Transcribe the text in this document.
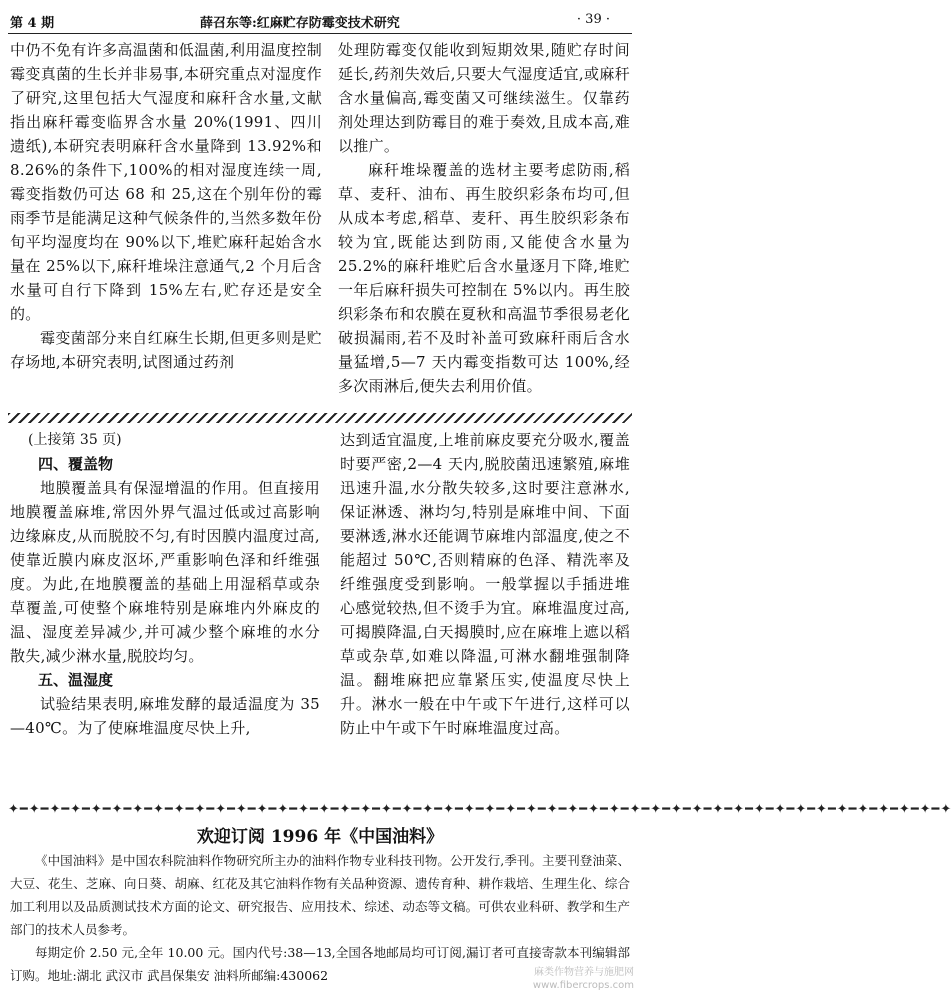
第 4 期	薛召东等:红麻贮存防霉变技术研究	· 39 ·

中仍不免有许多高温菌和低温菌,利用温度控制霉变真菌的生长并非易事,本研究重点对湿度作了研究,这里包括大气湿度和麻秆含水量,文献指出麻秆霉变临界含水量 20%(1991、四川遗纸),本研究表明麻秆含水量降到 13.92%和 8.26%的条件下,100%的相对湿度连续一周,霉变指数仍可达 68 和 25,这在个别年份的霉雨季节是能满足这种气候条件的,当然多数年份旬平均湿度均在 90%以下,堆贮麻秆起始含水量在 25%以下,麻秆堆垛注意通气,2 个月后含水量可自行下降到 15%左右,贮存还是安全的。

霉变菌部分来自红麻生长期,但更多则是贮存场地,本研究表明,试图通过药剂

处理防霉变仅能收到短期效果,随贮存时间延长,药剂失效后,只要大气湿度适宜,或麻秆含水量偏高,霉变菌又可继续滋生。仅靠药剂处理达到防霉目的难于奏效,且成本高,难以推广。

麻秆堆垛覆盖的选材主要考虑防雨,稻草、麦秆、油布、再生胶织彩条布均可,但从成本考虑,稻草、麦秆、再生胶织彩条布较为宜,既能达到防雨,又能使含水量为 25.2%的麻秆堆贮后含水量逐月下降,堆贮一年后麻秆损失可控制在 5%以内。再生胶织彩条布和农膜在夏秋和高温节季很易老化破损漏雨,若不及时补盖可致麻秆雨后含水量猛增,5—7 天内霉变指数可达 100%,经多次雨淋后,便失去利用价值。

(上接第 35 页)

四、覆盖物

地膜覆盖具有保湿增温的作用。但直接用地膜覆盖麻堆,常因外界气温过低或过高影响边缘麻皮,从而脱胶不匀,有时因膜内温度过高,使靠近膜内麻皮沤坏,严重影响色泽和纤维强度。为此,在地膜覆盖的基础上用湿稻草或杂草覆盖,可使整个麻堆特别是麻堆内外麻皮的温、湿度差异减少,并可减少整个麻堆的水分散失,减少淋水量,脱胶均匀。

五、温湿度

试验结果表明,麻堆发酵的最适温度为 35—40℃。为了使麻堆温度尽快上升,

达到适宜温度,上堆前麻皮要充分吸水,覆盖时要严密,2—4 天内,脱胶菌迅速繁殖,麻堆迅速升温,水分散失较多,这时要注意淋水,保证淋透、淋均匀,特别是麻堆中间、下面要淋透,淋水还能调节麻堆内部温度,使之不能超过 50℃,否则精麻的色泽、精洗率及纤维强度受到影响。一般掌握以手插进堆心感觉较热,但不烫手为宜。麻堆温度过高,可揭膜降温,白天揭膜时,应在麻堆上遮以稻草或杂草,如难以降温,可淋水翻堆强制降温。翻堆麻把应靠紧压实,使温度尽快上升。淋水一般在中午或下午进行,这样可以防止中午或下午时麻堆温度过高。

✦━✦━✦━✦━✦━✦━✦━✦━✦━✦━✦━✦━✦━✦━✦━✦━✦━✦━✦━✦━✦━✦━✦━✦━✦━✦━✦━✦━✦━✦━✦━✦━✦━✦━✦━✦━✦━✦━✦━✦━✦━✦━✦━✦━✦━✦
欢迎订阅 1996 年《中国油料》

《中国油料》是中国农科院油料作物研究所主办的油料作物专业科技刊物。公开发行,季刊。主要刊登油菜、大豆、花生、芝麻、向日葵、胡麻、红花及其它油料作物有关品种资源、遗传育种、耕作栽培、生理生化、综合加工利用以及品质测试技术方面的论文、研究报告、应用技术、综述、动态等文稿。可供农业科研、教学和生产部门的技术人员参考。

每期定价 2.50 元,全年 10.00 元。国内代号:38—13,全国各地邮局均可订阅,漏订者可直接寄款本刊编辑部订购。地址:湖北 武汉市 武昌保集安 油料所邮编:430062	麻类作物营养与施肥网
www.fibercrops.com
